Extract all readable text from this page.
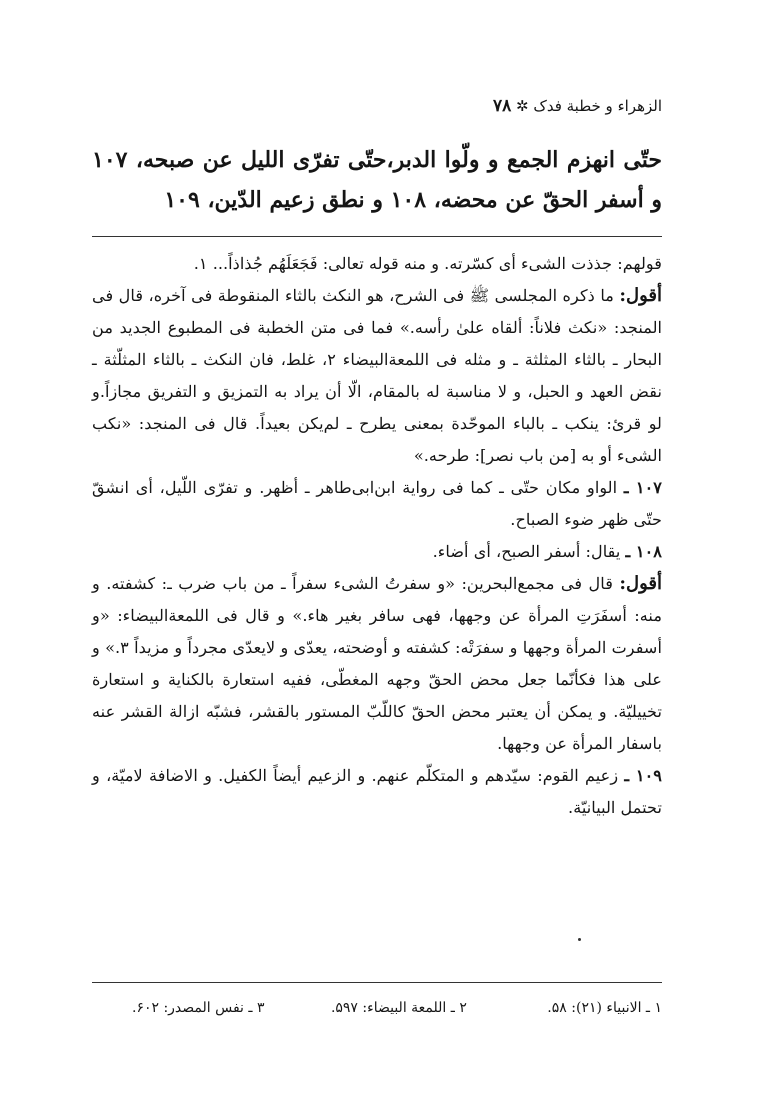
الزهراء و خطبة فدک ✲ ۷۸
حتّی انهزم الجمع و ولّوا الدبر،حتّی تفرّی اللیل عن صبحه، ۱۰۷ و أسفر الحقّ عن محضه، ۱۰۸ و نطق زعیم الدّین، ۱۰۹

قولهم: جذذت الشیء أی کسّرته. و منه قوله تعالی: فَجَعَلَهُم جُذاذاً... ۱.

أقول: ما ذکره المجلسی ﷺ فی الشرح، هو النکث بالثاء المنقوطة فی آخره، قال فی المنجد: «نکث فلاناً: ألقاه علیٰ رأسه.» فما فی متن الخطبة فی المطبوع الجدید من البحار ـ بالثاء المثلثة ـ و مثله فی اللمعةالبیضاء ۲، غلط، فان النکث ـ بالثاء المثلّثة ـ نقض العهد و الحبل، و لا مناسبة له بالمقام، الّا أن یراد به التمزیق و التفریق مجازاً.و لو قرئ: ینکب ـ بالباء الموحّدة بمعنی یطرح ـ لم‌یکن بعیداً. قال فی المنجد: «نکب الشیء أو به [من باب نصر]: طرحه.»

۱۰۷ ـ الواو مکان حتّی ـ کما فی روایة ابن‌ابی‌طاهر ـ أظهر. و تفرّی اللّیل، أی انشقّ حتّی ظهر ضوء الصباح.

۱۰۸ ـ یقال: أسفر الصبح، أی أضاء.

أقول: قال فی مجمع‌البحرین: «و سفرتُ الشیء سفراً ـ من باب ضرب ـ: کشفته. و منه: أسفَرَتِ المرأة عن وجهها، فهی سافر بغیر هاء.» و قال فی اللمعةالبیضاء: «و أسفرت المرأة وجهها و سفرَتْه: کشفته و أوضحته، یعدّی و لایعدّی مجرداً و مزیداً ۳.» و علی هذا فکأنّما جعل محض الحقّ وجهه المغطّی، ففیه استعارة بالکنایة و استعارة تخییلیّة. و یمکن أن یعتبر محض الحقّ کاللّبّ المستور بالقشر، فشبّه ازالة القشر عنه باسفار المرأة عن وجهها.

۱۰۹ ـ زعیم القوم: سیّدهم و المتکلّم عنهم. و الزعیم أیضاً الکفیل. و الاضافة لامیّة، و تحتمل البیانیّة.

۱ ـ الانبیاء (۲۱): ۵۸. ۲ ـ اللمعة البیضاء: ۵۹۷. ۳ ـ نفس المصدر: ۶۰۲.
